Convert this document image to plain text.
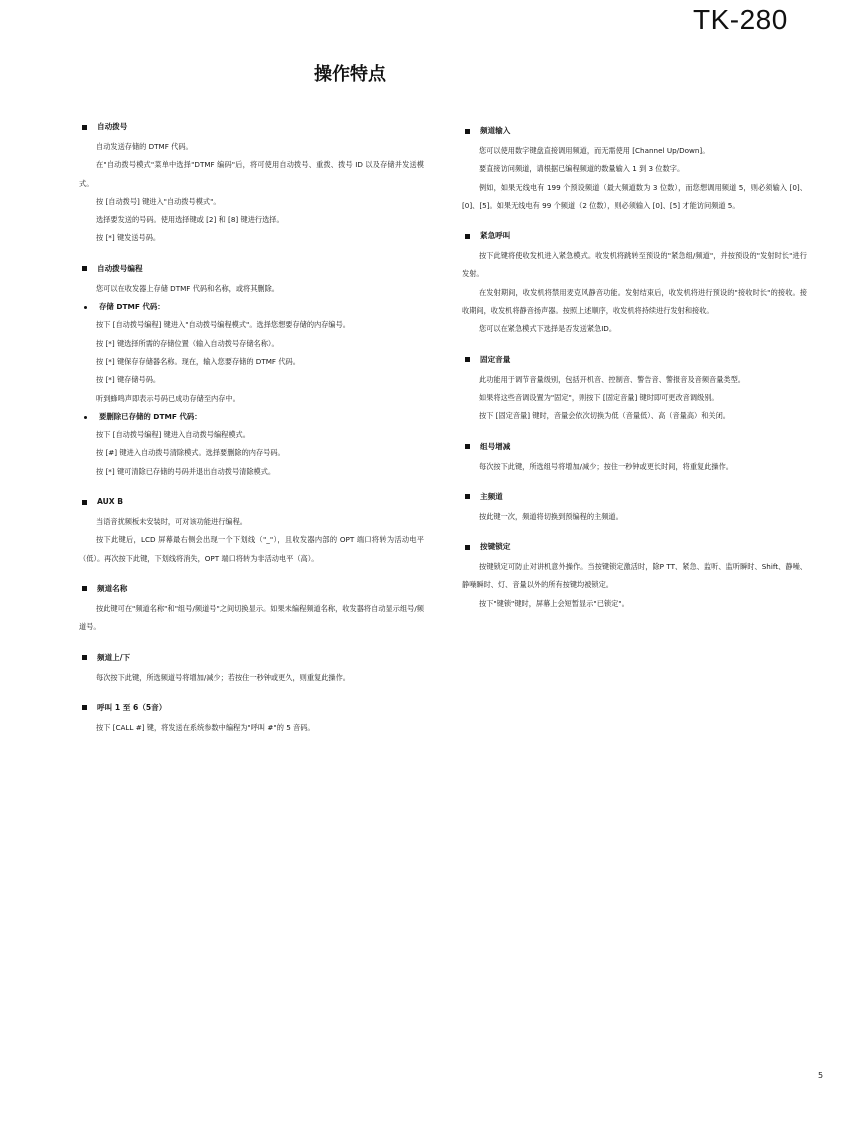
TK-280
操作特点
自动拨号

自动发送存储的 DTMF 代码。

在"自动拨号模式"菜单中选择"DTMF 编码"后，将可使用自动拨号、重拨、拨号 ID 以及存储并发送模式。

按 [自动拨号] 键进入"自动拨号模式"。

选择要发送的号码。使用选择键或 [2] 和 [8] 键进行选择。

按 [*] 键发送号码。

自动拨号编程

您可以在收发器上存储 DTMF 代码和名称，或将其删除。

存储 DTMF 代码：

按下 [自动拨号编程] 键进入"自动拨号编程模式"。选择您想要存储的内存编号。

按 [*] 键选择所需的存储位置（输入自动拨号存储名称）。

按 [*] 键保存存储器名称。现在，输入您要存储的 DTMF 代码。

按 [*] 键存储号码。

听到蜂鸣声即表示号码已成功存储至内存中。

要删除已存储的 DTMF 代码：

按下 [自动拨号编程] 键进入自动拨号编程模式。

按 [#] 键进入自动拨号清除模式。选择要删除的内存号码。

按 [*] 键可清除已存储的号码并退出自动拨号清除模式。

AUX B

当语音扰频板未安装时，可对该功能进行编程。

按下此键后，LCD 屏幕最右侧会出现一个下划线（"_"），且收发器内部的 OPT 端口将转为活动电平（低）。再次按下此键，下划线将消失，OPT 端口将转为非活动电平（高）。

频道名称

按此键可在"频道名称"和"组号/频道号"之间切换显示。如果未编程频道名称，收发器将自动显示组号/频道号。

频道上/下

每次按下此键，所选频道号将增加/减少；若按住一秒钟或更久，则重复此操作。

呼叫 1 至 6（5音）

按下 [CALL #] 键，将发送在系统参数中编程为"呼叫 #"的 5 音码。

频道输入

您可以使用数字键盘直接调用频道，而无需使用 [Channel Up/Down]。

要直接访问频道，请根据已编程频道的数量输入 1 到 3 位数字。

例如，如果无线电有 199 个预设频道（最大频道数为 3 位数），而您想调用频道 5，则必须输入 [0]、[0]、[5]。如果无线电有 99 个频道（2 位数），则必须输入 [0]、[5] 才能访问频道 5。

紧急呼叫

按下此键将使收发机进入紧急模式。收发机将跳转至预设的"紧急组/频道"，并按预设的"发射时长"进行发射。

在发射期间，收发机将禁用麦克风静音功能。发射结束后，收发机将进行预设的"接收时长"的接收。接收期间，收发机将静音扬声器。按照上述顺序，收发机将持续进行发射和接收。

您可以在紧急模式下选择是否发送紧急ID。

固定音量

此功能用于调节音量级别，包括开机音、控制音、警告音、警报音及音频音量类型。

如果将这些音调设置为"固定"，则按下 [固定音量] 键时即可更改音调级别。

按下 [固定音量] 键时，音量会依次切换为低（音量低）、高（音量高）和关闭。

组号增减

每次按下此键，所选组号将增加/减少；按住一秒钟或更长时间，将重复此操作。

主频道

按此键一次，频道将切换到预编程的主频道。

按键锁定

按键锁定可防止对讲机意外操作。当按键锁定激活时，除P TT、紧急、监听、监听瞬时、Shift、静噪、静噪瞬时、灯、音量以外的所有按键均被锁定。

按下"键锁"键时，屏幕上会短暂显示"已锁定"。

5
